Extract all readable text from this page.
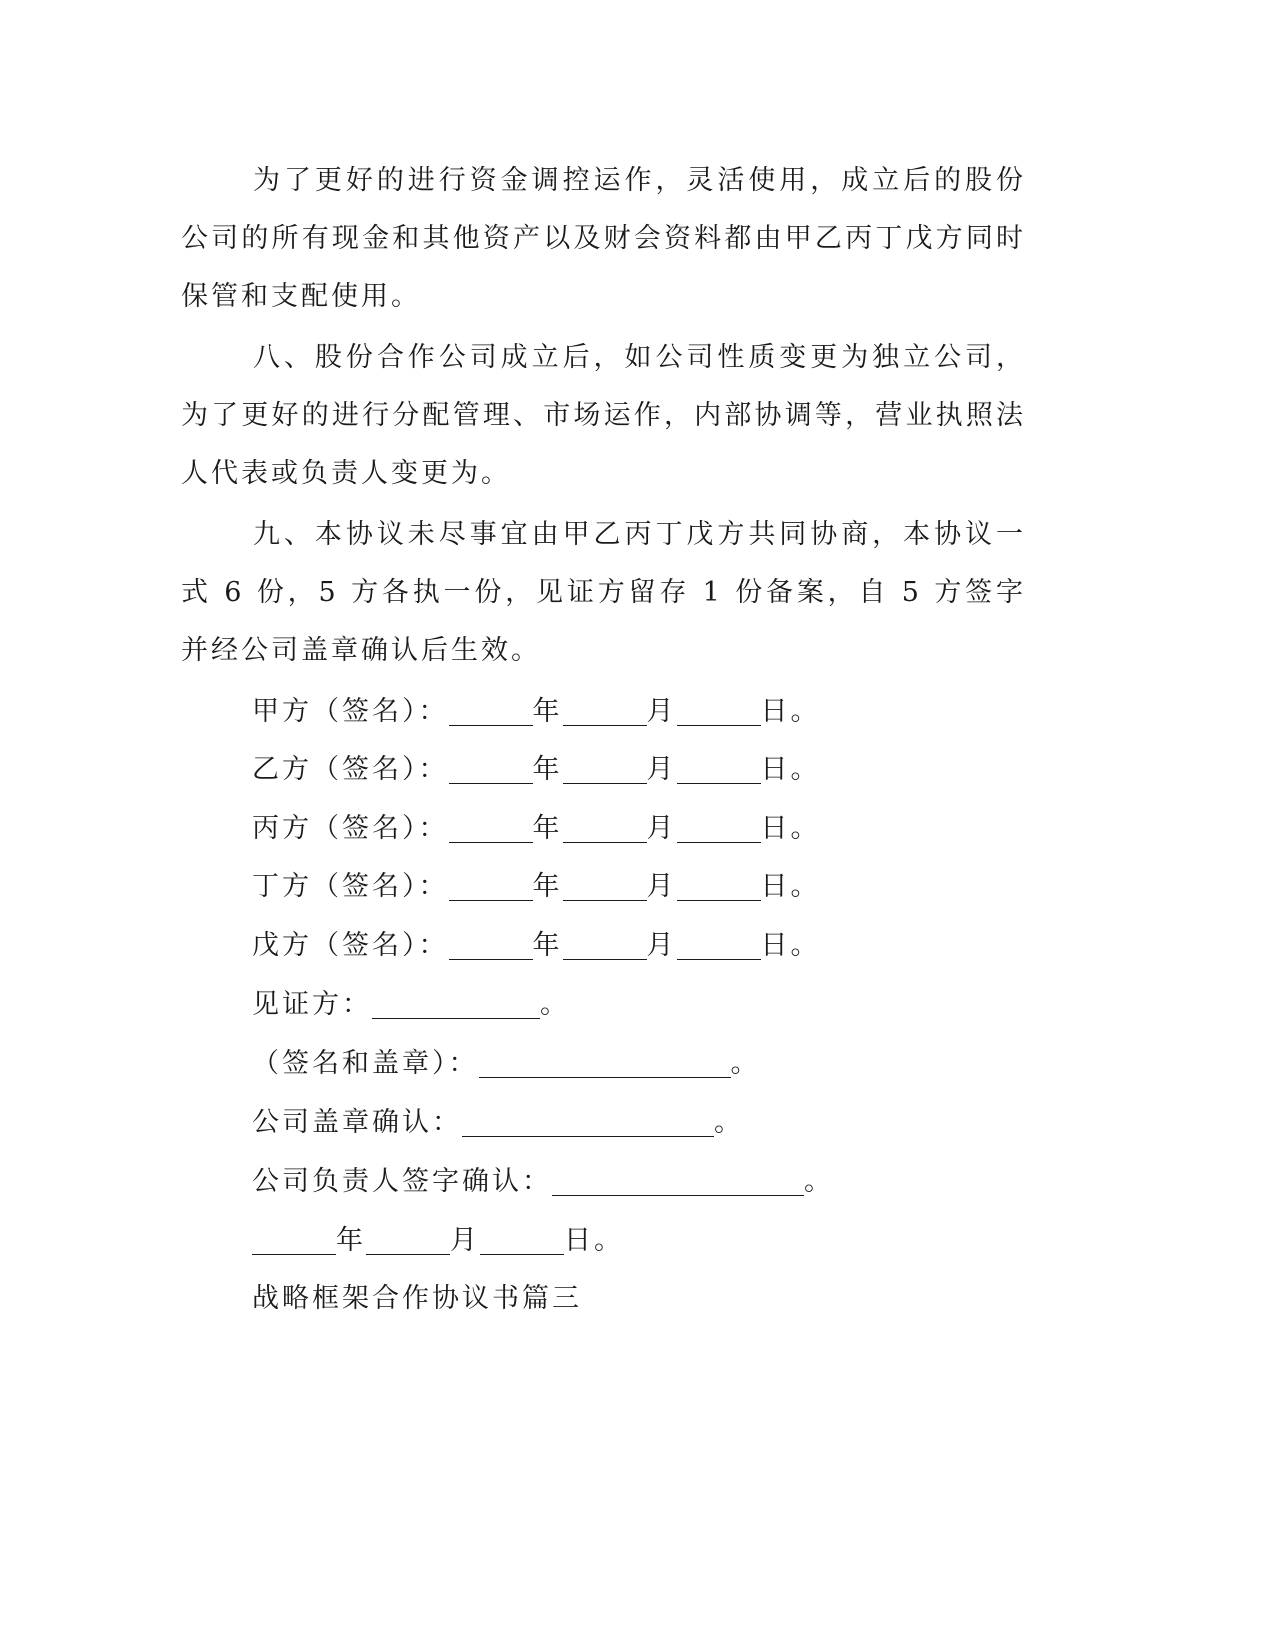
为了更好的进行资金调控运作，灵活使用，成立后的股份公司的所有现金和其他资产以及财会资料都由甲乙丙丁戊方同时保管和支配使用。

八、股份合作公司成立后，如公司性质变更为独立公司，为了更好的进行分配管理、市场运作，内部协调等，营业执照法人代表或负责人变更为。

九、本协议未尽事宜由甲乙丙丁戊方共同协商，本协议一式 6 份，5 方各执一份，见证方留存 1 份备案，自 5 方签字并经公司盖章确认后生效。

甲方（签名）：	年	月	日。
乙方（签名）：	年	月	日。
丙方（签名）：	年	月	日。
丁方（签名）：	年	月	日。
戊方（签名）：	年	月	日。
见证方：	。
（签名和盖章）：	。
公司盖章确认：	。
公司负责人签字确认：	。
年	月	日。
战略框架合作协议书篇三
